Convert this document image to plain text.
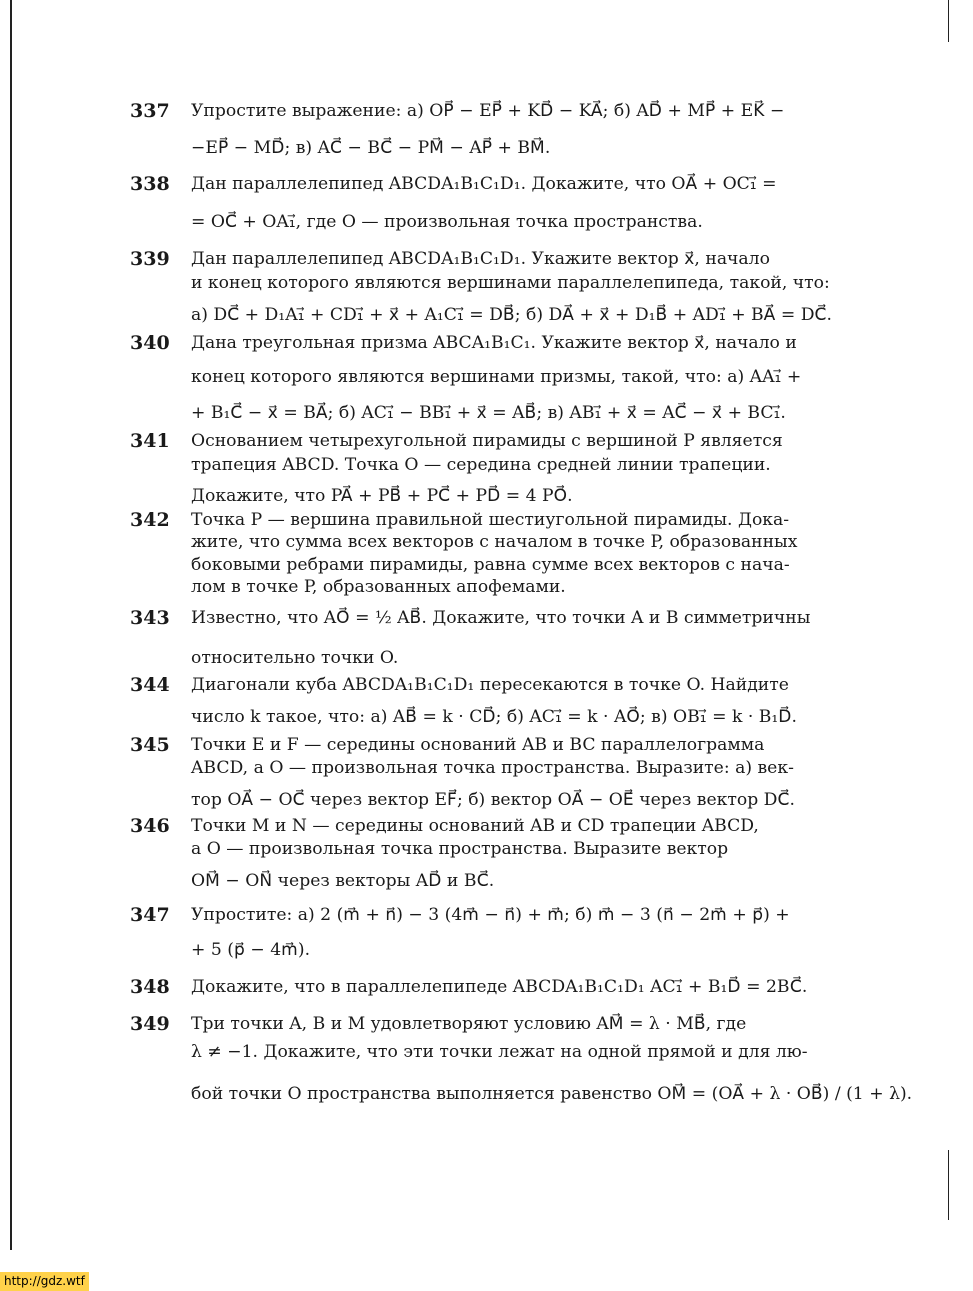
337	Упростите выражение: а) OP⃗ − EP⃗ + KD⃗ − KA⃗; б) AD⃗ + MP⃗ + EK⃗ −
−EP⃗ − MD⃗; в) AC⃗ − BC⃗ − PM⃗ − AP⃗ + BM⃗.
338	Дан параллелепипед ABCDA₁B₁C₁D₁. Докажите, что OA⃗ + OC₁⃗ =
= OC⃗ + OA₁⃗, где O — произвольная точка пространства.
339	Дан параллелепипед ABCDA₁B₁C₁D₁. Укажите вектор x⃗, начало
и конец которого являются вершинами параллелепипеда, такой, что:
а) DC⃗ + D₁A₁⃗ + CD₁⃗ + x⃗ + A₁C₁⃗ = DB⃗; б) DA⃗ + x⃗ + D₁B⃗ + AD₁⃗ + BA⃗ = DC⃗.
340	Дана треугольная призма ABCA₁B₁C₁. Укажите вектор x⃗, начало и
конец которого являются вершинами призмы, такой, что: а) AA₁⃗ +
+ B₁C⃗ − x⃗ = BA⃗; б) AC₁⃗ − BB₁⃗ + x⃗ = AB⃗; в) AB₁⃗ + x⃗ = AC⃗ − x⃗ + BC₁⃗.
341	Основанием четырехугольной пирамиды с вершиной P является
трапеция ABCD. Точка O — середина средней линии трапеции.
Докажите, что PA⃗ + PB⃗ + PC⃗ + PD⃗ = 4 PO⃗.
342	Точка P — вершина правильной шестиугольной пирамиды. Дока-
жите, что сумма всех векторов с началом в точке P, образованных
боковыми ребрами пирамиды, равна сумме всех векторов с нача-
лом в точке P, образованных апофемами.
343	Известно, что AO⃗ = ½ AB⃗. Докажите, что точки A и B симметричны
относительно точки O.
344	Диагонали куба ABCDA₁B₁C₁D₁ пересекаются в точке O. Найдите
число k такое, что: а) AB⃗ = k · CD⃗; б) AC₁⃗ = k · AO⃗; в) OB₁⃗ = k · B₁D⃗.
345	Точки E и F — середины оснований AB и BC параллелограмма
ABCD, а O — произвольная точка пространства. Выразите: а) век-
тор OA⃗ − OC⃗ через вектор EF⃗; б) вектор OA⃗ − OE⃗ через вектор DC⃗.
346	Точки M и N — середины оснований AB и CD трапеции ABCD,
а O — произвольная точка пространства. Выразите вектор
OM⃗ − ON⃗ через векторы AD⃗ и BC⃗.
347	Упростите: а) 2 (m⃗ + n⃗) − 3 (4m⃗ − n⃗) + m⃗; б) m⃗ − 3 (n⃗ − 2m⃗ + p⃗) +
+ 5 (p⃗ − 4m⃗).
348	Докажите, что в параллелепипеде ABCDA₁B₁C₁D₁ AC₁⃗ + B₁D⃗ = 2BC⃗.
349	Три точки A, B и M удовлетворяют условию AM⃗ = λ · MB⃗, где
λ ≠ −1. Докажите, что эти точки лежат на одной прямой и для лю-
бой точки O пространства выполняется равенство OM⃗ = (OA⃗ + λ · OB⃗) / (1 + λ).
http://gdz.wtf
